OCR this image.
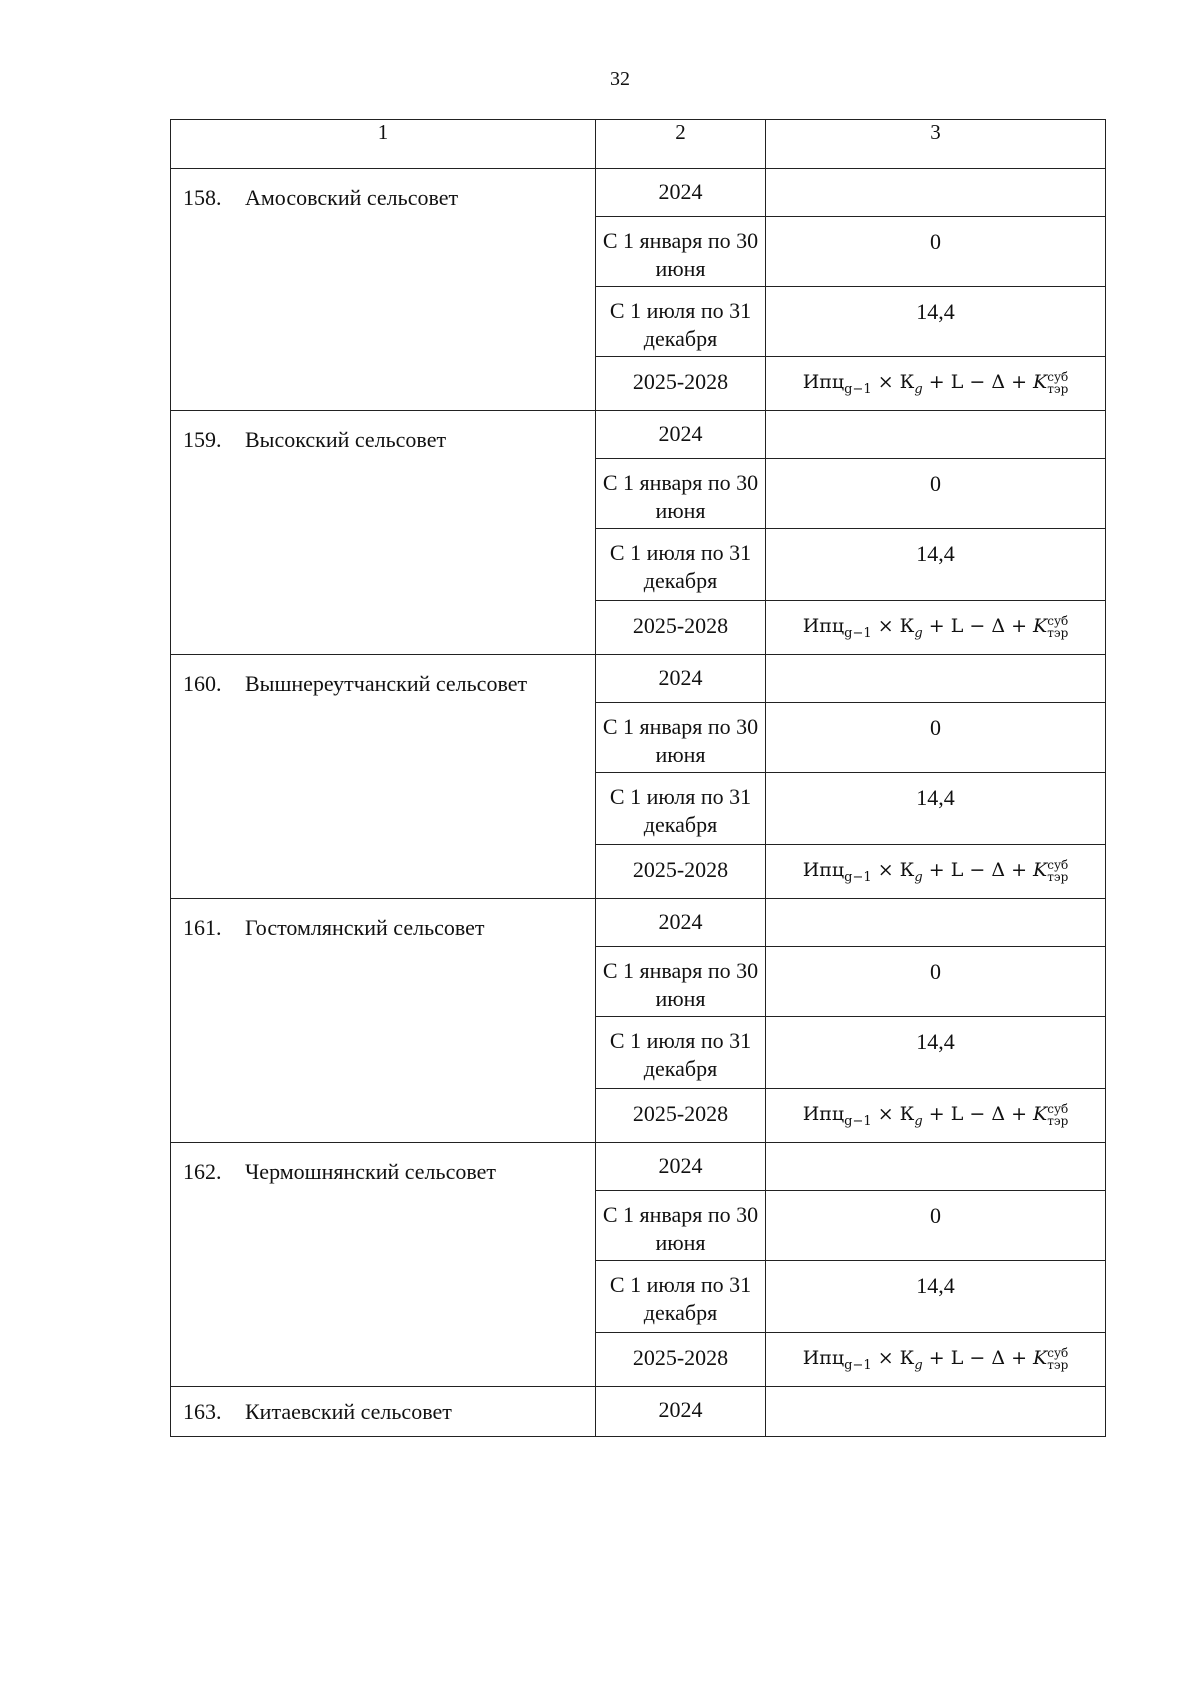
32
1	2	3
158. Амосовский сельсовет	2024	
	С 1 января по 30 июня	0
	С 1 июля по 31 декабря	14,4
	2025-2028	$Ипц_{g-1} \times К_g + L - \Delta$ + Kсуб
тэр
159. Высокский сельсовет	2024	
	С 1 января по 30 июня	0
	С 1 июля по 31 декабря	14,4
	2025-2028	$Ипц_{g-1} \times К_g + L - \Delta$ + Kсуб
тэр
160. Вышнереутчанский сельсовет	2024	
	С 1 января по 30 июня	0
	С 1 июля по 31 декабря	14,4
	2025-2028	$Ипц_{g-1} \times К_g + L - \Delta$ + Kсуб
тэр
161. Гостомлянский сельсовет	2024	
	С 1 января по 30 июня	0
	С 1 июля по 31 декабря	14,4
	2025-2028	$Ипц_{g-1} \times К_g + L - \Delta$ + Kсуб
тэр
162. Чермошнянский сельсовет	2024	
	С 1 января по 30 июня	0
	С 1 июля по 31 декабря	14,4
	2025-2028	$Ипц_{g-1} \times К_g + L - \Delta$ + Kсуб
тэр
163. Китаевский сельсовет	2024	
